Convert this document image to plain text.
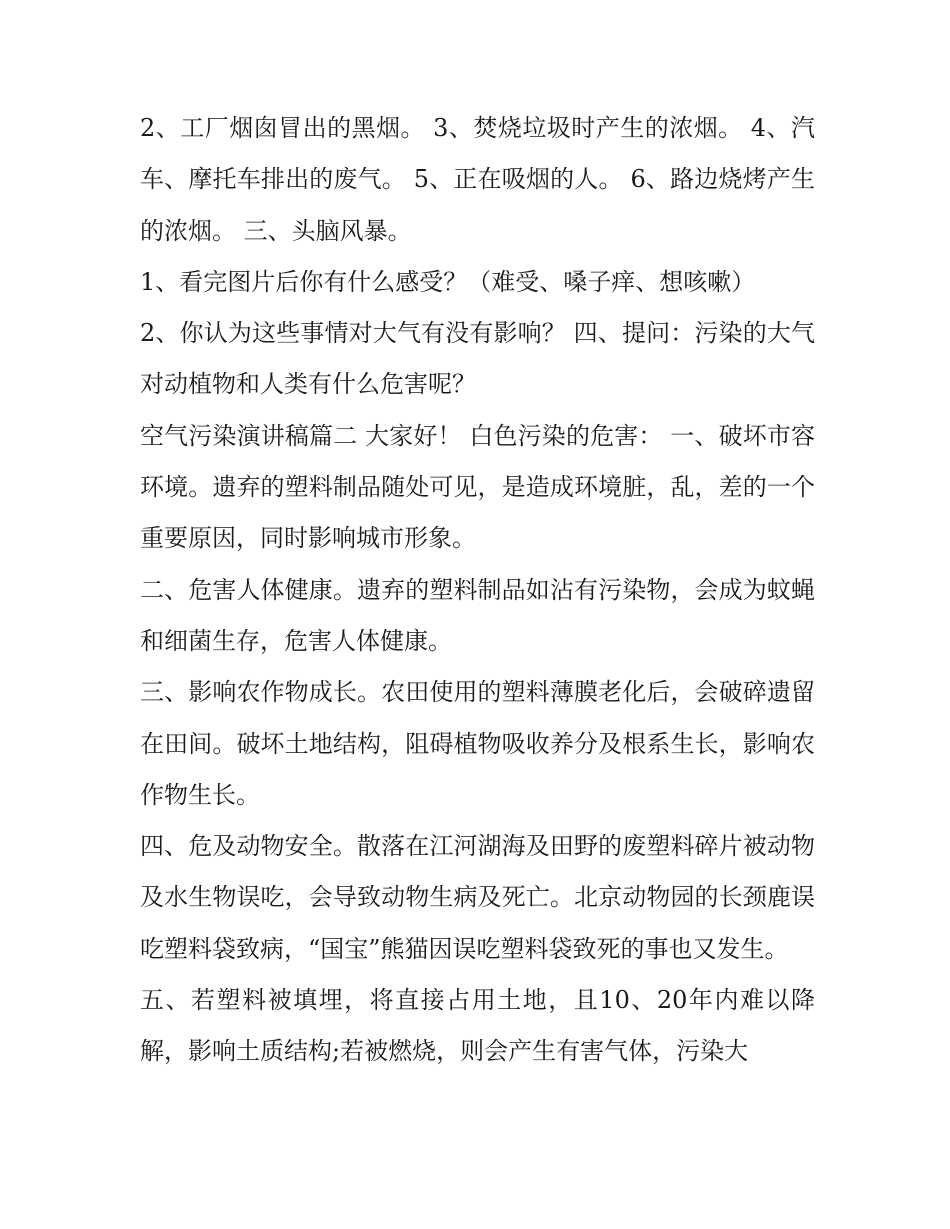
2、工厂烟囱冒出的黑烟。 3、焚烧垃圾时产生的浓烟。 4、汽车、摩托车排出的废气。 5、正在吸烟的人。 6、路边烧烤产生的浓烟。 三、头脑风暴。

1、看完图片后你有什么感受？（难受、嗓子痒、想咳嗽）

2、你认为这些事情对大气有没有影响？ 四、提问：污染的大气对动植物和人类有什么危害呢？

空气污染演讲稿篇二 大家好！ 白色污染的危害： 一、破坏市容环境。遗弃的塑料制品随处可见，是造成环境脏，乱，差的一个重要原因，同时影响城市形象。

二、危害人体健康。遗弃的塑料制品如沾有污染物，会成为蚊蝇和细菌生存，危害人体健康。

三、影响农作物成长。农田使用的塑料薄膜老化后，会破碎遗留在田间。破坏土地结构，阻碍植物吸收养分及根系生长，影响农作物生长。

四、危及动物安全。散落在江河湖海及田野的废塑料碎片被动物及水生物误吃，会导致动物生病及死亡。北京动物园的长颈鹿误吃塑料袋致病，“国宝”熊猫因误吃塑料袋致死的事也又发生。

五、若塑料被填埋，将直接占用土地，且10、20年内难以降解，影响土质结构;若被燃烧，则会产生有害气体，污染大
